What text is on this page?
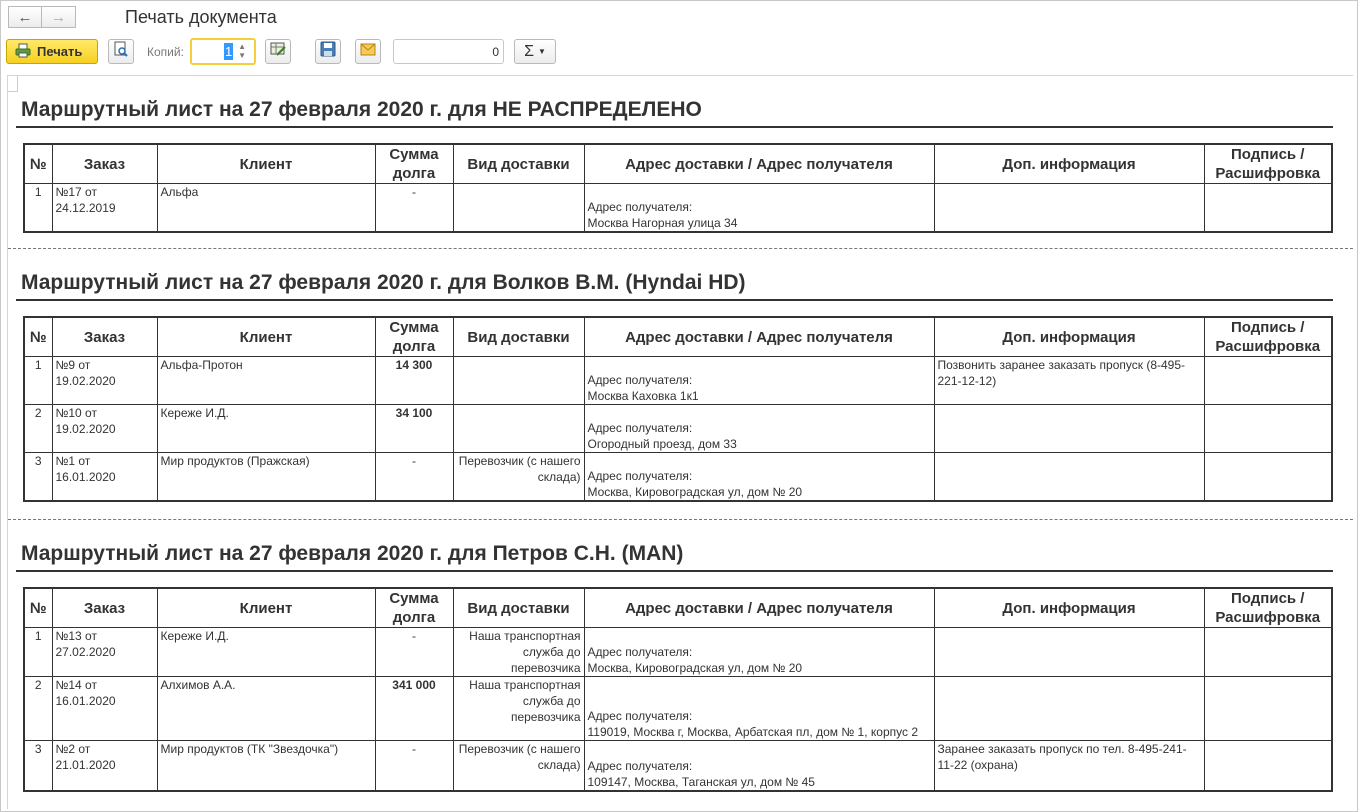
← →	Печать документа
Печать	Копий:	1 ▲
▼	0	Σ ▼
Маршрутный лист на 27 февраля 2020 г. для НЕ РАСПРЕДЕЛЕНО
№	Заказ	Клиент	Сумма долга	Вид доставки	Адрес доставки / Адрес получателя	Доп. информация	Подпись / Расшифровка
1	№17 от 24.12.2019	Альфа	-		Адрес получателя:
Москва Нагорная улица 34		

Маршрутный лист на 27 февраля 2020 г. для Волков В.М. (Hyndai HD)
№	Заказ	Клиент	Сумма долга	Вид доставки	Адрес доставки / Адрес получателя	Доп. информация	Подпись / Расшифровка
1	№9 от 19.02.2020	Альфа-Протон	14 300		Адрес получателя:
Москва Каховка 1к1	Позвонить заранее заказать пропуск (8-495-221-12-12)	
2	№10 от 19.02.2020	Кереже И.Д.	34 100		Адрес получателя:
Огородный проезд, дом 33		

3	№1 от 16.01.2020	Мир продуктов (Пражская)	-	Перевозчик (с нашего склада)	Адрес получателя:
Москва, Кировоградская ул, дом № 20		

Маршрутный лист на 27 февраля 2020 г. для Петров С.Н. (MAN)
№	Заказ	Клиент	Сумма долга	Вид доставки	Адрес доставки / Адрес получателя	Доп. информация	Подпись / Расшифровка
1	№13 от 27.02.2020	Кереже И.Д.	-	Наша транспортная служба до перевозчика	Адрес получателя:
Москва, Кировоградская ул, дом № 20		

2	№14 от 16.01.2020	Алхимов А.А.	341 000	Наша транспортная служба до перевозчика	Адрес получателя:
119019, Москва г, Москва, Арбатская пл, дом № 1, корпус 2		

3	№2 от 21.01.2020	Мир продуктов (ТК "Звездочка")	-	Перевозчик (с нашего склада)	Адрес получателя:
109147, Москва, Таганская ул, дом № 45	Заранее заказать пропуск по тел. 8-495-241-11-22 (охрана)	
